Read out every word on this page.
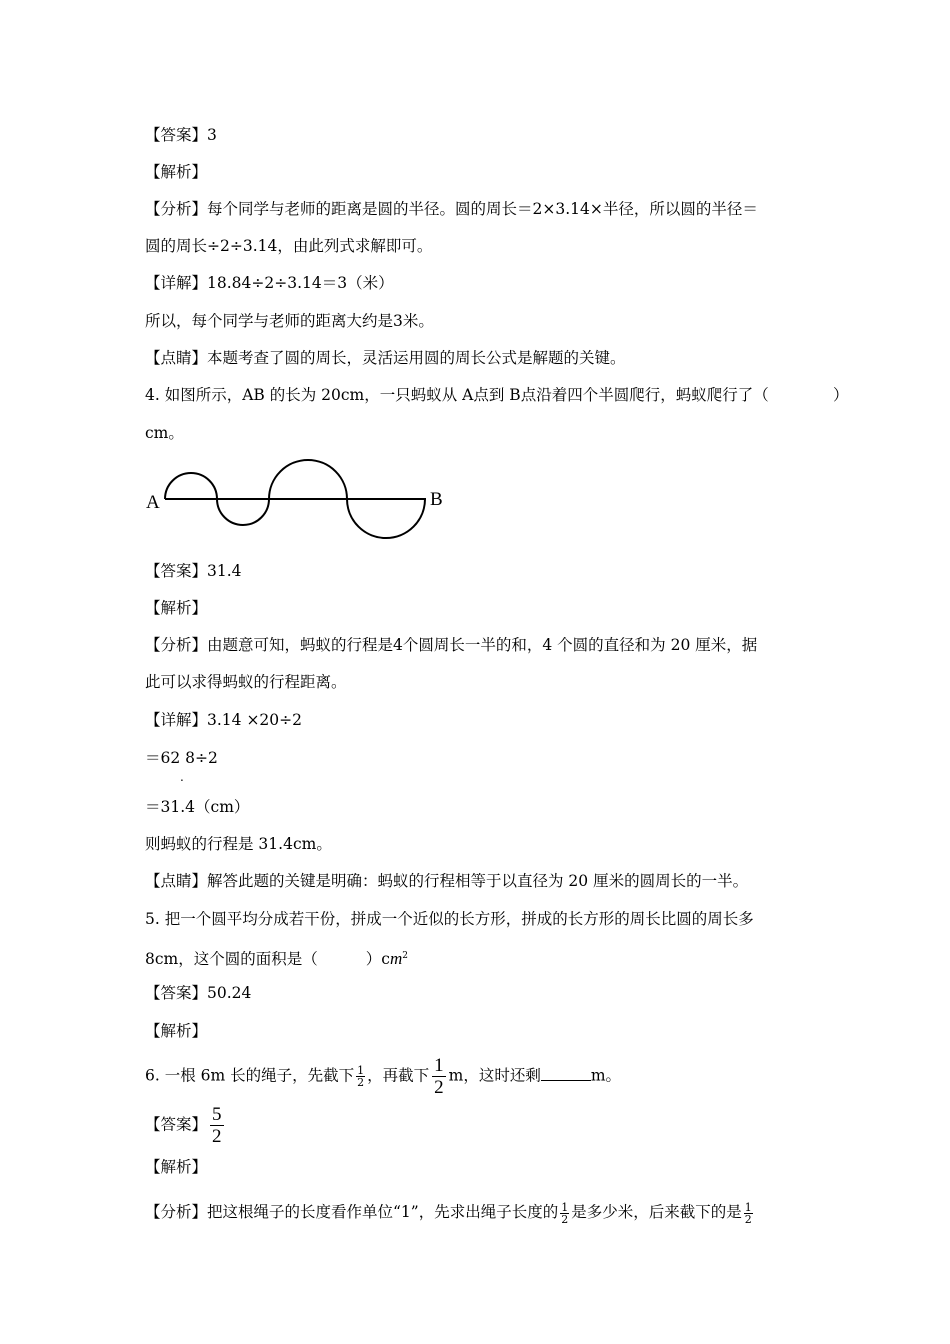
【答案】3
【解析】
【分析】每个同学与老师的距离是圆的半径。圆的周长＝2×3.14×半径，所以圆的半径＝
圆的周长÷2÷3.14，由此列式求解即可。
【详解】18.84÷2÷3.14＝3（米）
所以，每个同学与老师的距离大约是3米。
【点睛】本题考查了圆的周长，灵活运用圆的周长公式是解题的关键。
4. 如图所示，AB 的长为 20cm，一只蚂蚁从 A点到 B点沿着四个半圆爬行，蚂蚁爬行了（	）
cm。
A	B
【答案】31.4
【解析】
【分析】由题意可知，蚂蚁的行程是4个圆周长一半的和，4 个圆的直径和为 20 厘米，据
此可以求得蚂蚁的行程距离。
【详解】3.14 ×20÷2
＝62 8÷2
.
＝31.4（cm）
则蚂蚁的行程是 31.4cm。
【点睛】解答此题的关键是明确：蚂蚁的行程相等于以直径为 20 厘米的圆周长的一半。
5. 把一个圆平均分成若干份，拼成一个近似的长方形，拼成的长方形的周长比圆的周长多
8cm，这个圆的面积是（	）$cm^2$
【答案】50.24
【解析】
6. 一根 6m 长的绳子，先截下 $\frac{1}{2}$ ，再截下 $\frac{1}{2}$ m，这时还剩	m。
【答案】 $\frac{5}{2}$
【解析】
【分析】把这根绳子的长度看作单位“1”，先求出绳子长度的 $\frac{1}{2}$ 是多少米，后来截下的是 $\frac{1}{2}$
